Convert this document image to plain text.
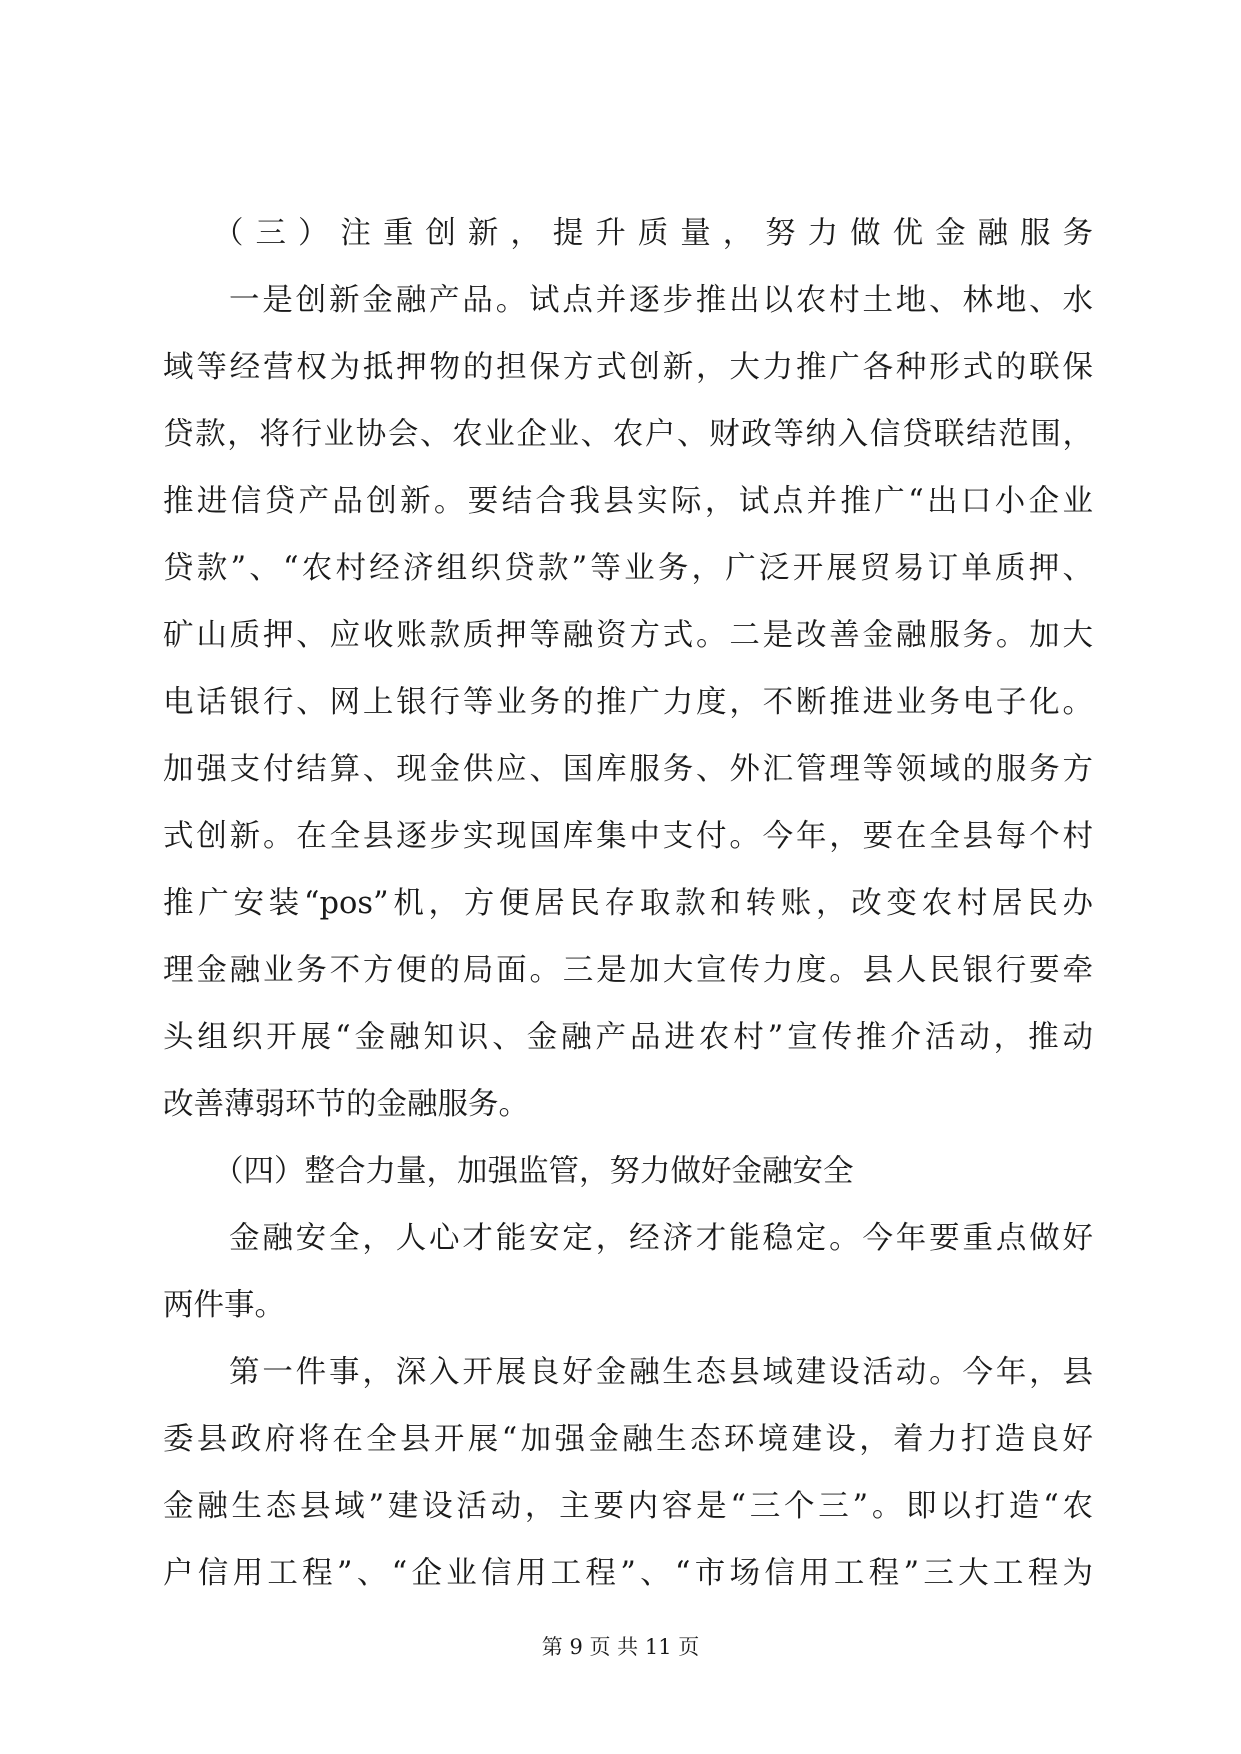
（三）注重创新，提升质量，努力做优金融服务
一是创新金融产品。试点并逐步推出以农村土地、林地、水
域等经营权为抵押物的担保方式创新，大力推广各种形式的联保
贷款，将行业协会、农业企业、农户、财政等纳入信贷联结范围，
推进信贷产品创新。要结合我县实际，试点并推广“出口小企业
贷款”、“农村经济组织贷款”等业务，广泛开展贸易订单质押、
矿山质押、应收账款质押等融资方式。二是改善金融服务。加大
电话银行、网上银行等业务的推广力度，不断推进业务电子化。
加强支付结算、现金供应、国库服务、外汇管理等领域的服务方
式创新。在全县逐步实现国库集中支付。今年，要在全县每个村
推广安装“pos”机，方便居民存取款和转账，改变农村居民办
理金融业务不方便的局面。三是加大宣传力度。县人民银行要牵
头组织开展“金融知识、金融产品进农村”宣传推介活动，推动
改善薄弱环节的金融服务。
（四）整合力量，加强监管，努力做好金融安全
金融安全，人心才能安定，经济才能稳定。今年要重点做好
两件事。
第一件事，深入开展良好金融生态县域建设活动。今年，县
委县政府将在全县开展“加强金融生态环境建设，着力打造良好
金融生态县域”建设活动，主要内容是“三个三”。即以打造“农
户信用工程”、“企业信用工程”、“市场信用工程”三大工程为
第 9 页 共 11 页
